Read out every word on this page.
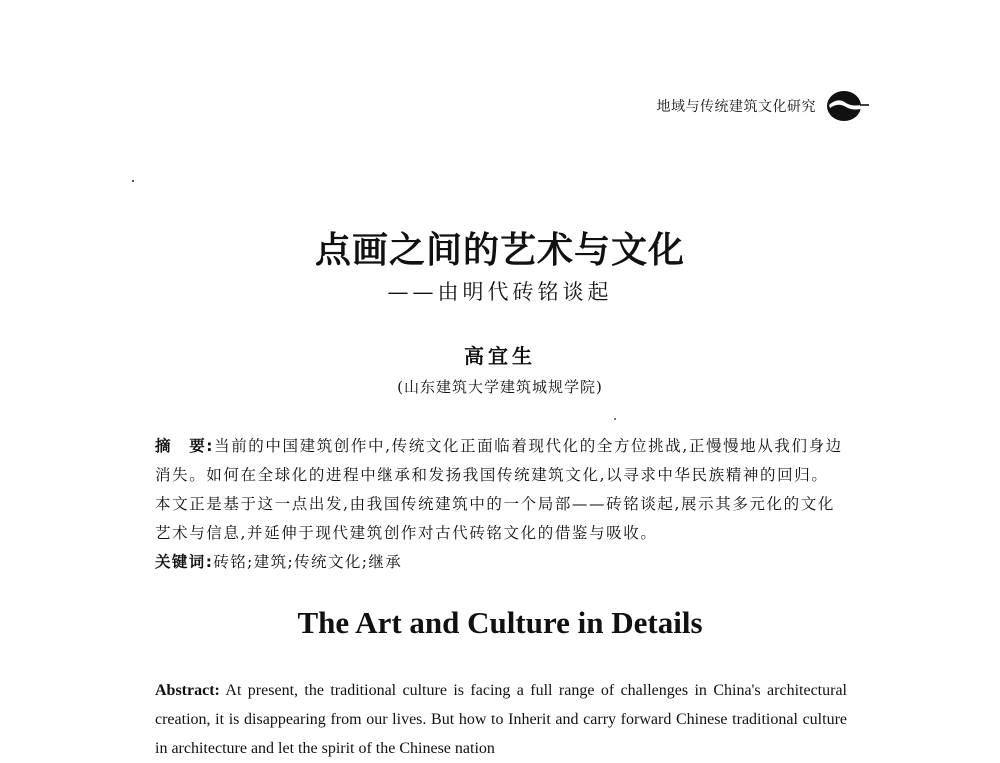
地域与传统建筑文化研究
点画之间的艺术与文化
——由明代砖铭谈起
高宜生
(山东建筑大学建筑城规学院)

摘　要:当前的中国建筑创作中,传统文化正面临着现代化的全方位挑战,正慢慢地从我们身边消失。如何在全球化的进程中继承和发扬我国传统建筑文化,以寻求中华民族精神的回归。本文正是基于这一点出发,由我国传统建筑中的一个局部——砖铭谈起,展示其多元化的文化艺术与信息,并延伸于现代建筑创作对古代砖铭文化的借鉴与吸收。

关键词:砖铭;建筑;传统文化;继承
The Art and Culture in Details

Abstract: At present, the traditional culture is facing a full range of challenges in China's architectural creation, it is disappearing from our lives. But how to Inherit and carry forward Chinese traditional culture in architecture and let the spirit of the Chinese nation
